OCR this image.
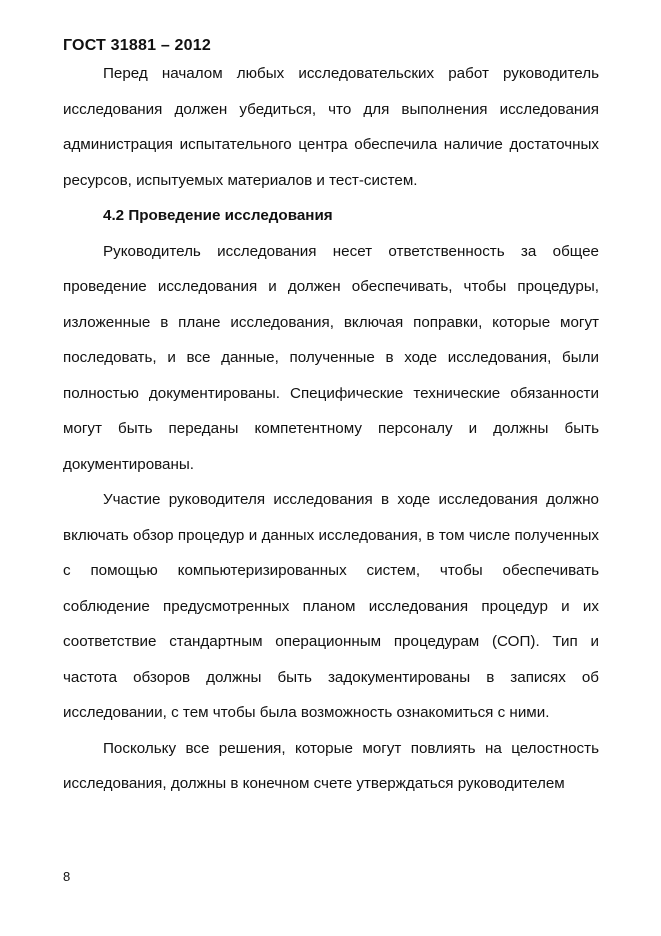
ГОСТ 31881 – 2012

Перед началом любых исследовательских работ руководитель исследования должен убедиться, что для выполнения исследования администрация испытательного центра обеспечила наличие достаточных ресурсов, испытуемых материалов и тест-систем.

4.2 Проведение исследования

Руководитель исследования несет ответственность за общее проведение исследования и должен обеспечивать, чтобы процедуры, изложенные в плане исследования, включая поправки, которые могут последовать, и все данные, полученные в ходе исследования, были полностью документированы. Специфические технические обязанности могут быть переданы компетентному персоналу и должны быть документированы.

Участие руководителя исследования в ходе исследования должно включать обзор процедур и данных исследования, в том числе полученных с помощью компьютеризированных систем, чтобы обеспечивать соблюдение предусмотренных планом исследования процедур и их соответствие стандартным операционным процедурам (СОП). Тип и частота обзоров должны быть задокументированы в записях об исследовании, с тем чтобы была возможность ознакомиться с ними.

Поскольку все решения, которые могут повлиять на целостность исследования, должны в конечном счете утверждаться руководителем

8
